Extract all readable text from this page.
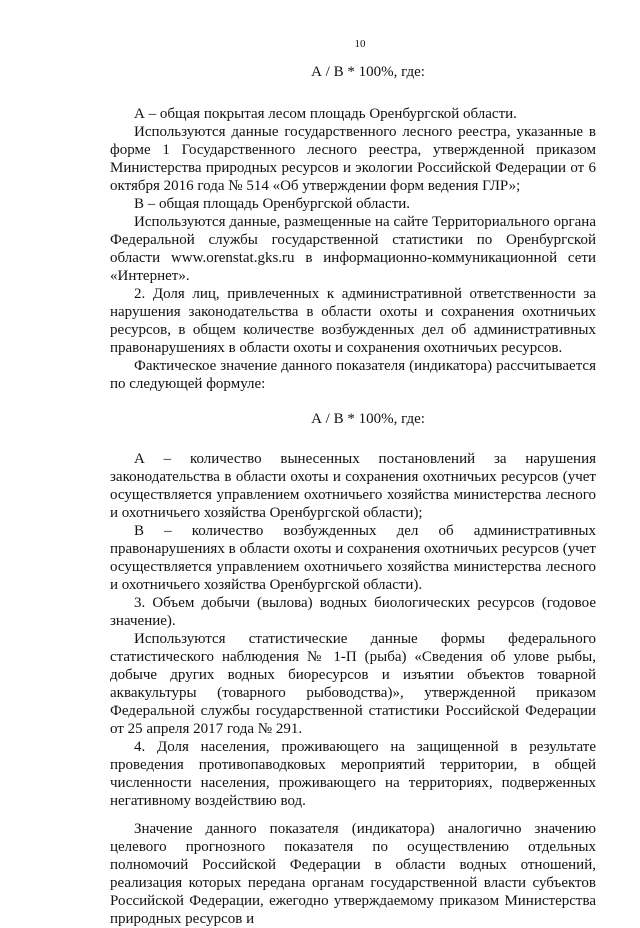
10
А / В * 100%, где:

А – общая покрытая лесом площадь Оренбургской области.

Используются данные государственного лесного реестра, указанные в форме 1 Государственного лесного реестра, утвержденной приказом Министерства природных ресурсов и экологии Российской Федерации от 6 октября 2016 года № 514 «Об утверждении форм ведения ГЛР»;

В – общая площадь Оренбургской области.

Используются данные, размещенные на сайте Территориального органа Федеральной службы государственной статистики по Оренбургской области www.orenstat.gks.ru в информационно-коммуникационной сети «Интернет».

2. Доля лиц, привлеченных к административной ответственности за нарушения законодательства в области охоты и сохранения охотничьих ресурсов, в общем количестве возбужденных дел об административных правонарушениях в области охоты и сохранения охотничьих ресурсов.

Фактическое значение данного показателя (индикатора) рассчитывается по следующей формуле:

А / В * 100%, где:

А – количество вынесенных постановлений за нарушения законодательства в области охоты и сохранения охотничьих ресурсов (учет осуществляется управлением охотничьего хозяйства министерства лесного и охотничьего хозяйства Оренбургской области);

В – количество возбужденных дел об административных правонарушениях в области охоты и сохранения охотничьих ресурсов (учет осуществляется управлением охотничьего хозяйства министерства лесного и охотничьего хозяйства Оренбургской области).

3. Объем добычи (вылова) водных биологических ресурсов (годовое значение).

Используются статистические данные формы федерального статистического наблюдения № 1-П (рыба) «Сведения об улове рыбы, добыче других водных биоресурсов и изъятии объектов товарной аквакультуры (товарного рыбоводства)», утвержденной приказом Федеральной службы государственной статистики Российской Федерации от 25 апреля 2017 года № 291.

4. Доля населения, проживающего на защищенной в результате проведения противопаводковых мероприятий территории, в общей численности населения, проживающего на территориях, подверженных негативному воздействию вод.

Значение данного показателя (индикатора) аналогично значению целевого прогнозного показателя по осуществлению отдельных полномочий Российской Федерации в области водных отношений, реализация которых передана органам государственной власти субъектов Российской Федерации, ежегодно утверждаемому приказом Министерства природных ресурсов и
